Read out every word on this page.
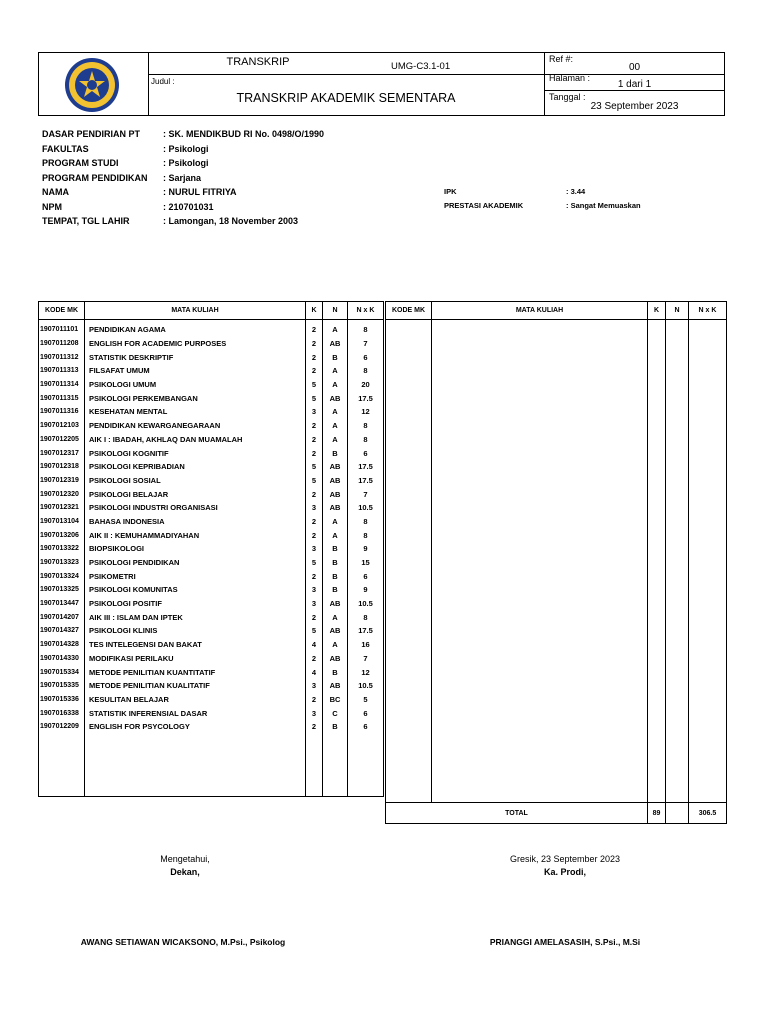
TRANSKRIP	UMG-C3.1-01
Ref #:
00
Judul :
TRANSKRIP AKADEMIK SEMENTARA
Halaman :
1 dari 1
Tanggal :
23 September 2023
DASAR PENDIRIAN PT	: SK. MENDIKBUD RI No. 0498/O/1990
FAKULTAS	: Psikologi
PROGRAM STUDI	: Psikologi
PROGRAM PENDIDIKAN	: Sarjana
NAMA	: NURUL FITRIYA
NPM	: 210701031
TEMPAT, TGL LAHIR	: Lamongan, 18 November 2003
IPK	: 3.44
PRESTASI AKADEMIK	: Sangat Memuaskan
KODE MK	MATA KULIAH	K	N	N x K
1907011101	PENDIDIKAN AGAMA	2	A	8
1907011208	ENGLISH FOR ACADEMIC PURPOSES	2	AB	7
1907011312	STATISTIK DESKRIPTIF	2	B	6
1907011313	FILSAFAT UMUM	2	A	8
1907011314	PSIKOLOGI UMUM	5	A	20
1907011315	PSIKOLOGI PERKEMBANGAN	5	AB	17.5
1907011316	KESEHATAN MENTAL	3	A	12
1907012103	PENDIDIKAN KEWARGANEGARAAN	2	A	8
1907012205	AIK I : IBADAH, AKHLAQ DAN MUAMALAH	2	A	8
1907012317	PSIKOLOGI KOGNITIF	2	B	6
1907012318	PSIKOLOGI KEPRIBADIAN	5	AB	17.5
1907012319	PSIKOLOGI SOSIAL	5	AB	17.5
1907012320	PSIKOLOGI BELAJAR	2	AB	7
1907012321	PSIKOLOGI INDUSTRI ORGANISASI	3	AB	10.5
1907013104	BAHASA INDONESIA	2	A	8
1907013206	AIK II : KEMUHAMMADIYAHAN	2	A	8
1907013322	BIOPSIKOLOGI	3	B	9
1907013323	PSIKOLOGI PENDIDIKAN	5	B	15
1907013324	PSIKOMETRI	2	B	6
1907013325	PSIKOLOGI KOMUNITAS	3	B	9
1907013447	PSIKOLOGI POSITIF	3	AB	10.5
1907014207	AIK III : ISLAM DAN IPTEK	2	A	8
1907014327	PSIKOLOGI KLINIS	5	AB	17.5
1907014328	TES INTELEGENSI DAN BAKAT	4	A	16
1907014330	MODIFIKASI PERILAKU	2	AB	7
1907015334	METODE PENILITIAN KUANTITATIF	4	B	12
1907015335	METODE PENILITIAN KUALITATIF	3	AB	10.5
1907015336	KESULITAN BELAJAR	2	BC	5
1907016338	STATISTIK INFERENSIAL DASAR	3	C	6
1907012209	ENGLISH FOR PSYCOLOGY	2	B	6

KODE MK	MATA KULIAH	K	N	N x K

TOTAL	89		306.5
Mengetahui,
Dekan,
AWANG SETIAWAN WICAKSONO, M.Psi., Psikolog
Gresik, 23 September 2023
Ka. Prodi,
PRIANGGI AMELASASIH, S.Psi., M.Si
